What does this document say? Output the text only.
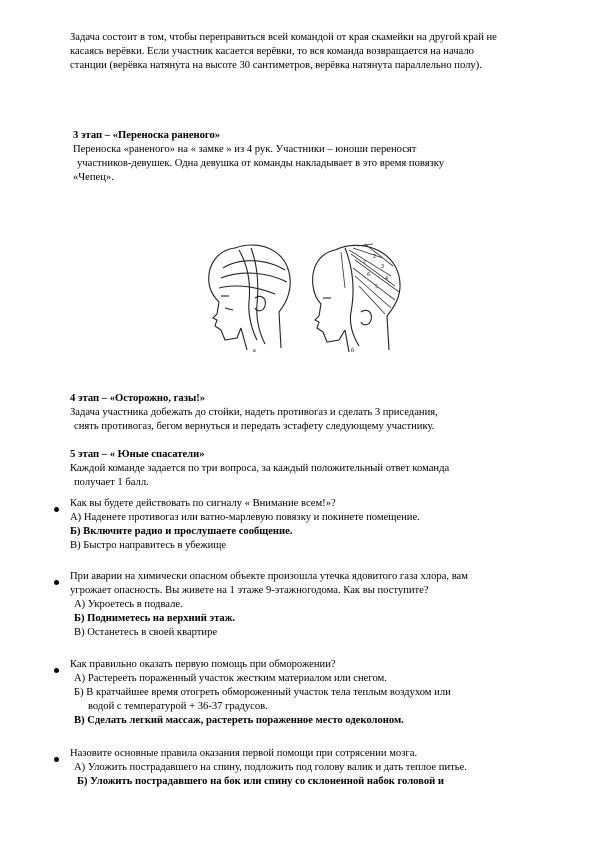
Задача состоит в том, чтобы переправиться всей командой от края скамейки на другой край не

касаясь верёвки. Если участник касается верёвки, то вся команда возвращается на начало

станции (верёвка натянута на высоте 30 сантиметров, верёвка натянута параллельно полу).

3 этап – «Переноска раненого»

Переноска «раненого» на « замке » из 4 рук. Участники – юноши переносят

участников-девушек. Одна девушка от команды накладывает в это время повязку

«Чепец».

2
3
4
5
6
7
а	б

4 этап – «Осторожно, газы!»

Задача участника добежать до стойки, надеть противогаз и сделать 3 приседания,

снять противогаз, бегом вернуться и передать эстафету следующему участнику.

5 этап – « Юные спасатели»

Каждой команде задается по три вопроса, за каждый положительный ответ команда

получает 1 балл.

Как вы будете действовать по сигналу « Внимание всем!»?

А) Наденете противогаз или ватно-марлевую повязку и покинете помещение.

Б) Включите радио и прослушаете сообщение.

В) Быстро направитесь в убежище

При аварии на химически опасном объекте произошла утечка ядовитого газа хлора, вам

угрожает опасность. Вы живете на 1 этаже 9-этажногодома. Как вы поступите?

А) Укроетесь в подвале.

Б) Подниметесь на верхний этаж.

В) Останетесь в своей квартире

Как правильно оказать первую помощь при обморожении?

А) Растерееть пораженный участок жестким материалом или снегом.

Б) В кратчайшее время отогреть обмороженный участок тела теплым воздухом или

водой с температурой + 36-37 градусов.

В) Сделать легкий массаж, растереть пораженное место одеколоном.

Назовите основные правила оказания первой помощи при сотрясении мозга.

А) Уложить пострадавшего на спину, подложить под голову валик и дать теплое питье.

Б) Уложить пострадавшего на бок или спину со склоненной набок головой и
